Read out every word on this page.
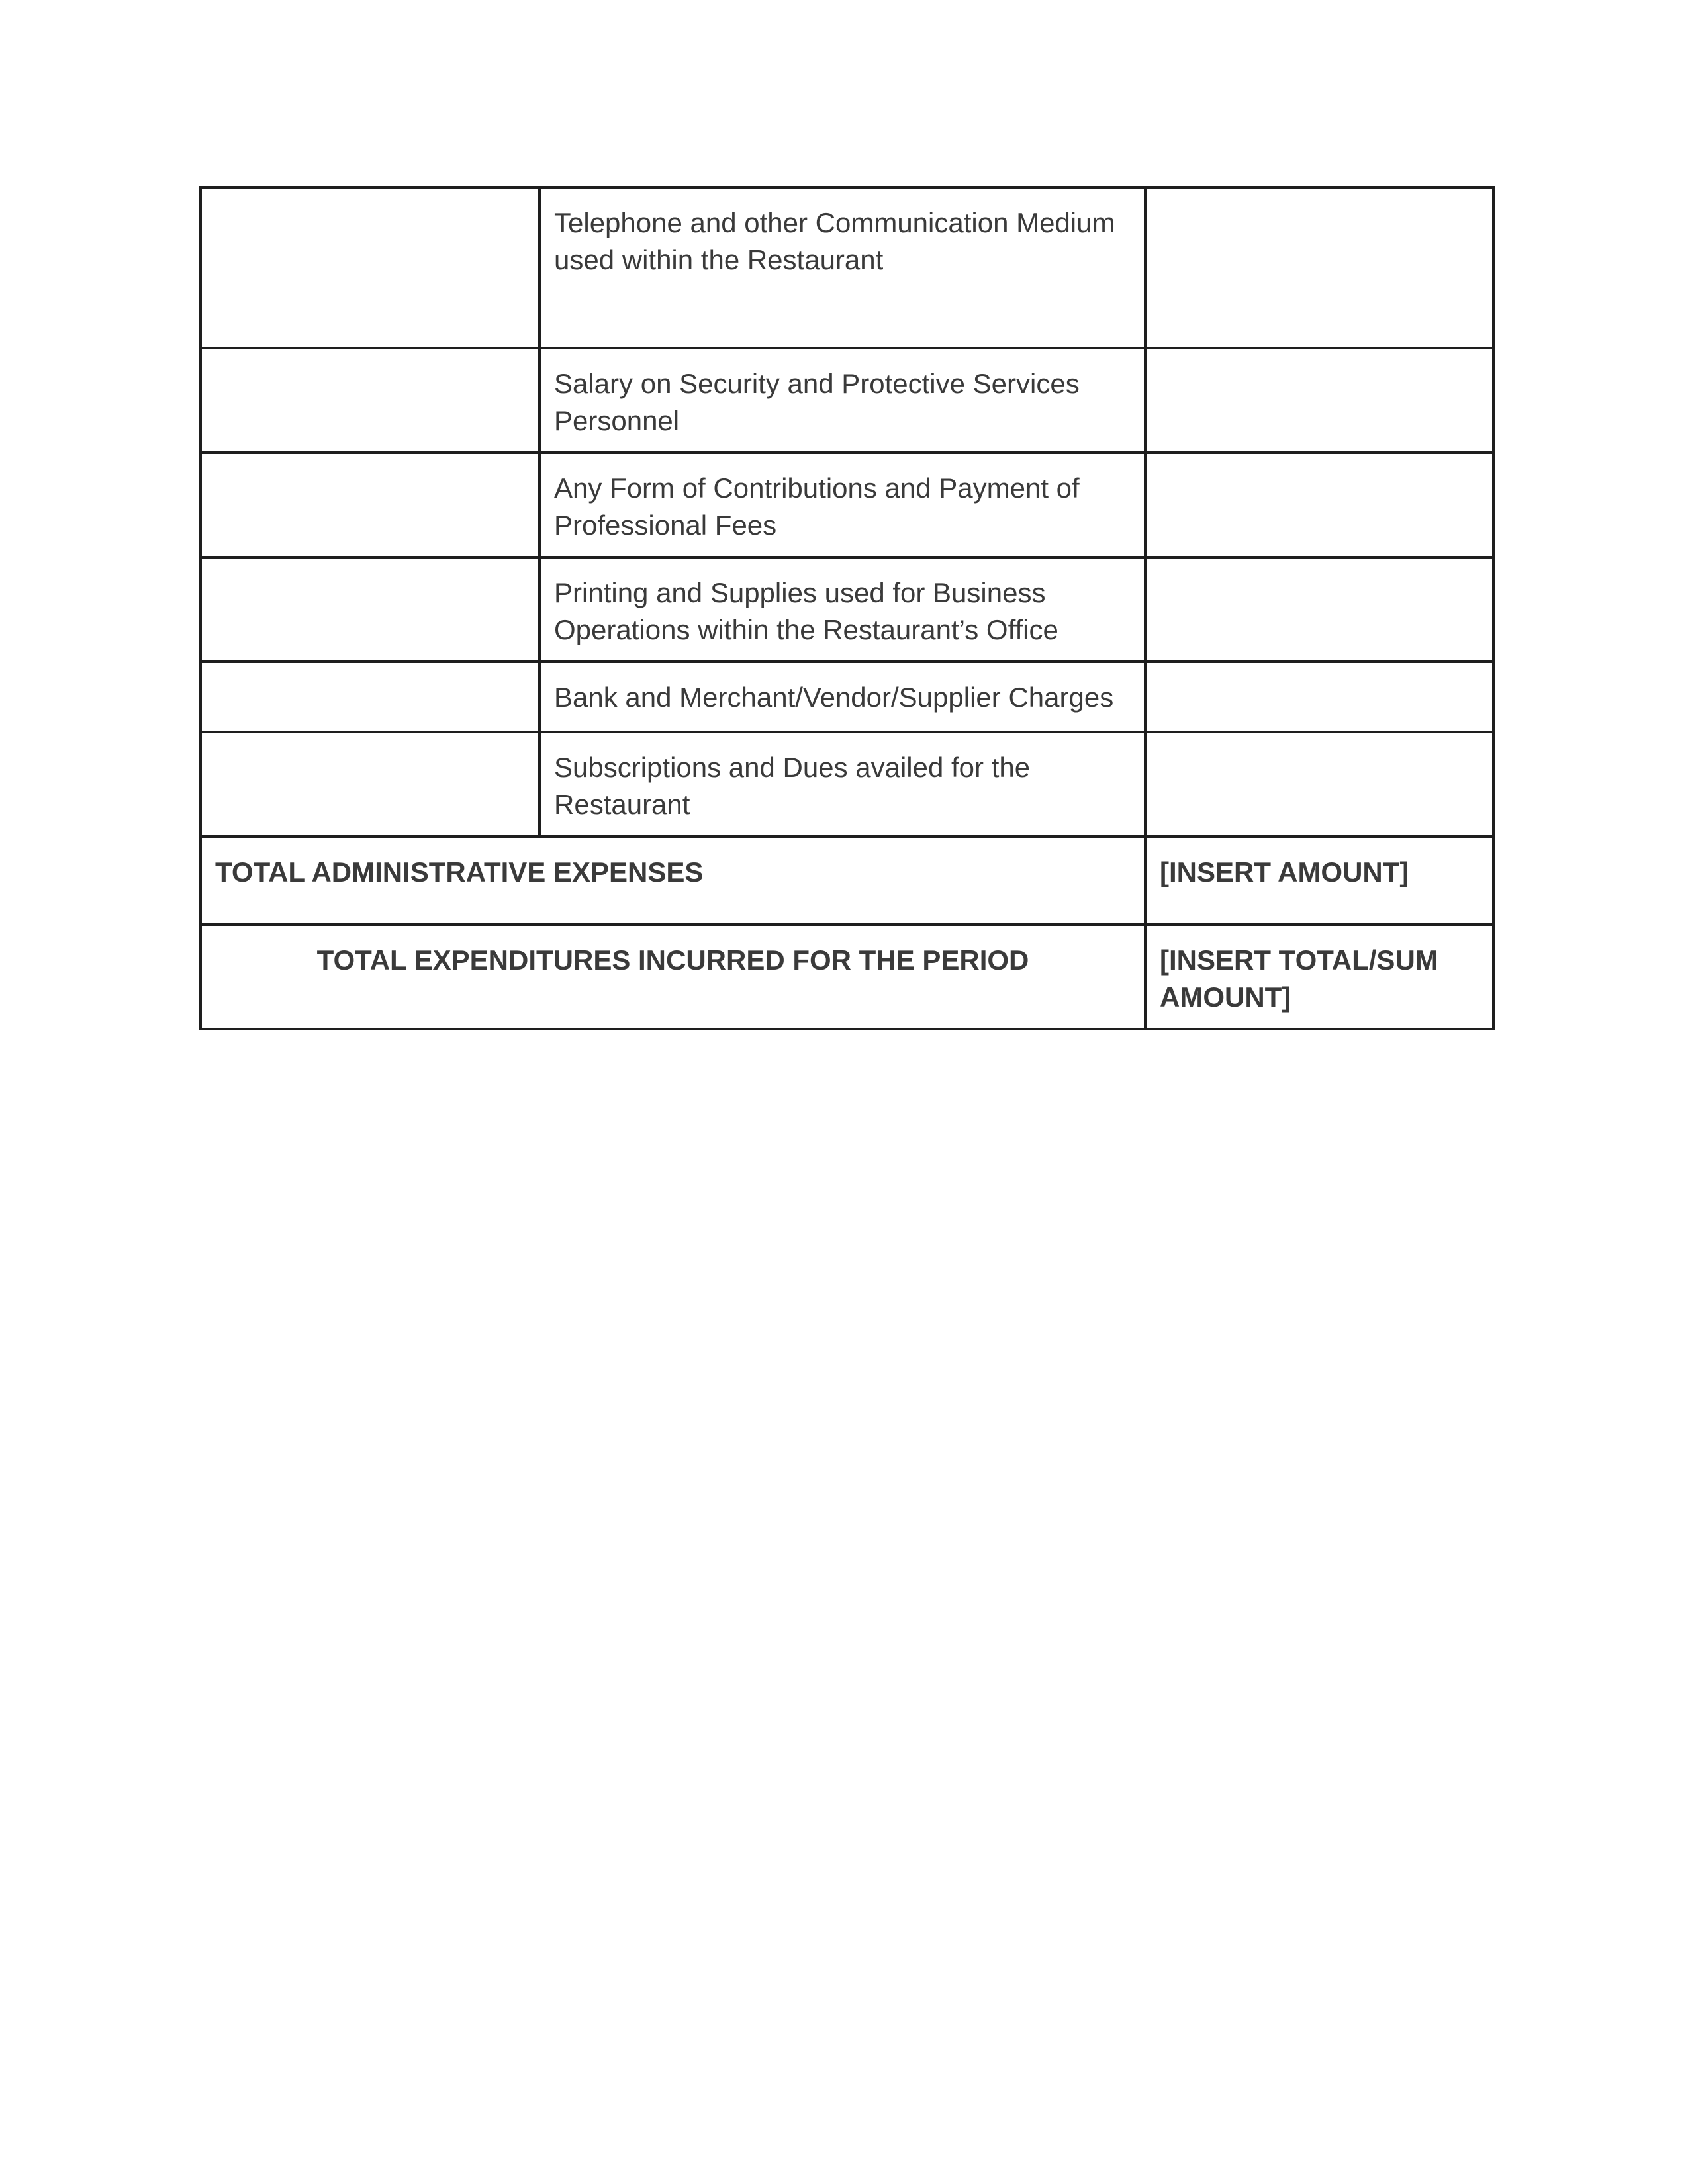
	Telephone and other Communication Medium used within the Restaurant	
	Salary on Security and Protective Services Personnel	
	Any Form of Contributions and Payment of Professional Fees	
	Printing and Supplies used for Business Operations within the Restaurant’s Office	
	Bank and Merchant/Vendor/Supplier Charges	
	Subscriptions and Dues availed for the Restaurant	
TOTAL ADMINISTRATIVE EXPENSES		[INSERT AMOUNT]
TOTAL EXPENDITURES INCURRED FOR THE PERIOD		[INSERT TOTAL/SUM AMOUNT]
